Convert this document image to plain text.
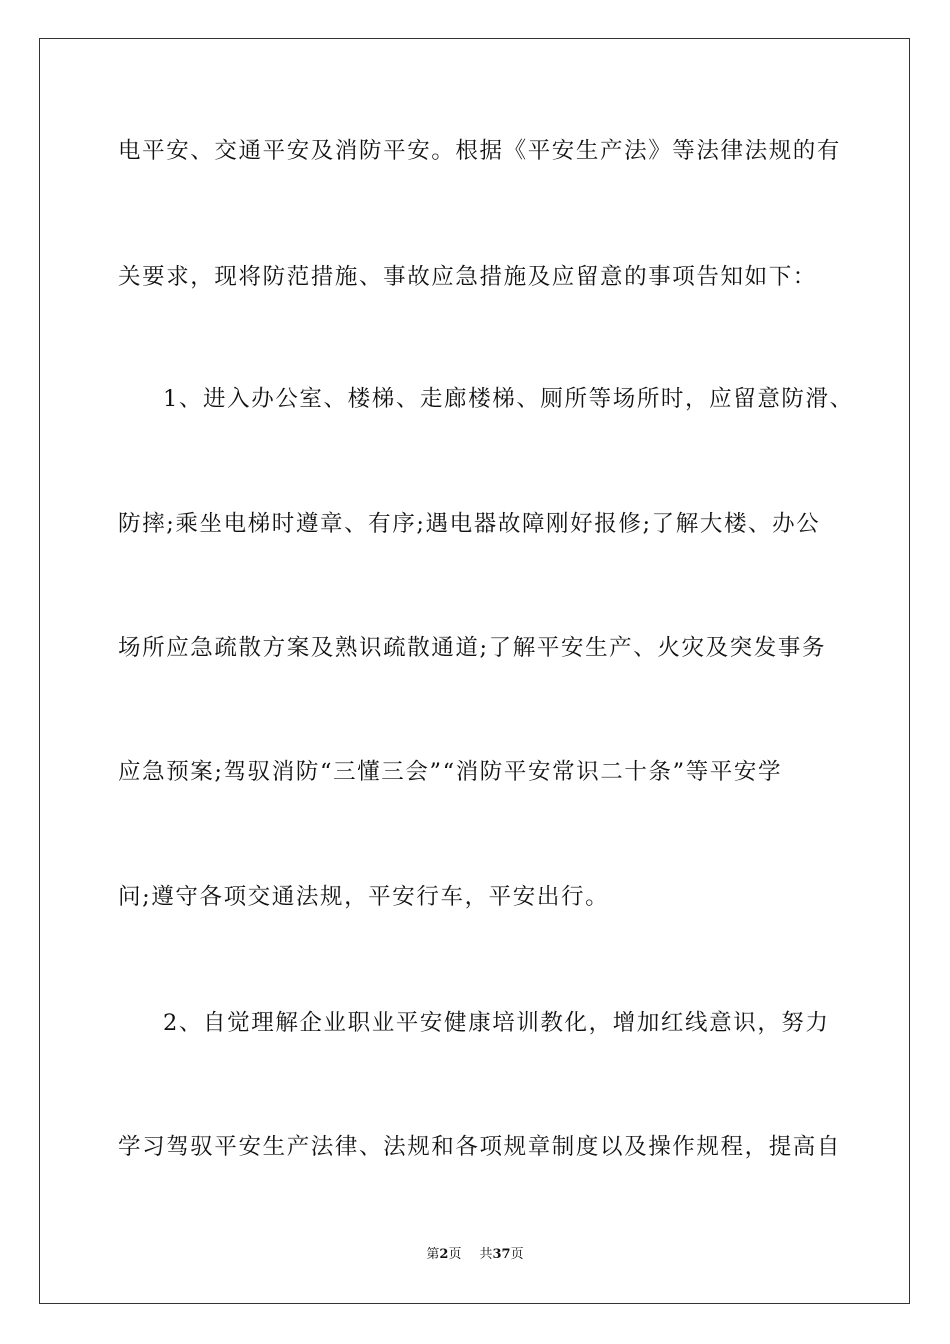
电平安、交通平安及消防平安。根据《平安生产法》等法律法规的有
关要求，现将防范措施、事故应急措施及应留意的事项告知如下：
1、进入办公室、楼梯、走廊楼梯、厕所等场所时，应留意防滑、
防摔;乘坐电梯时遵章、有序;遇电器故障刚好报修;了解大楼、办公
场所应急疏散方案及熟识疏散通道;了解平安生产、火灾及突发事务
应急预案;驾驭消防“三懂三会”“消防平安常识二十条”等平安学
问;遵守各项交通法规，平安行车，平安出行。
2、自觉理解企业职业平安健康培训教化，增加红线意识，努力
学习驾驭平安生产法律、法规和各项规章制度以及操作规程，提高自
第2页 共37页
